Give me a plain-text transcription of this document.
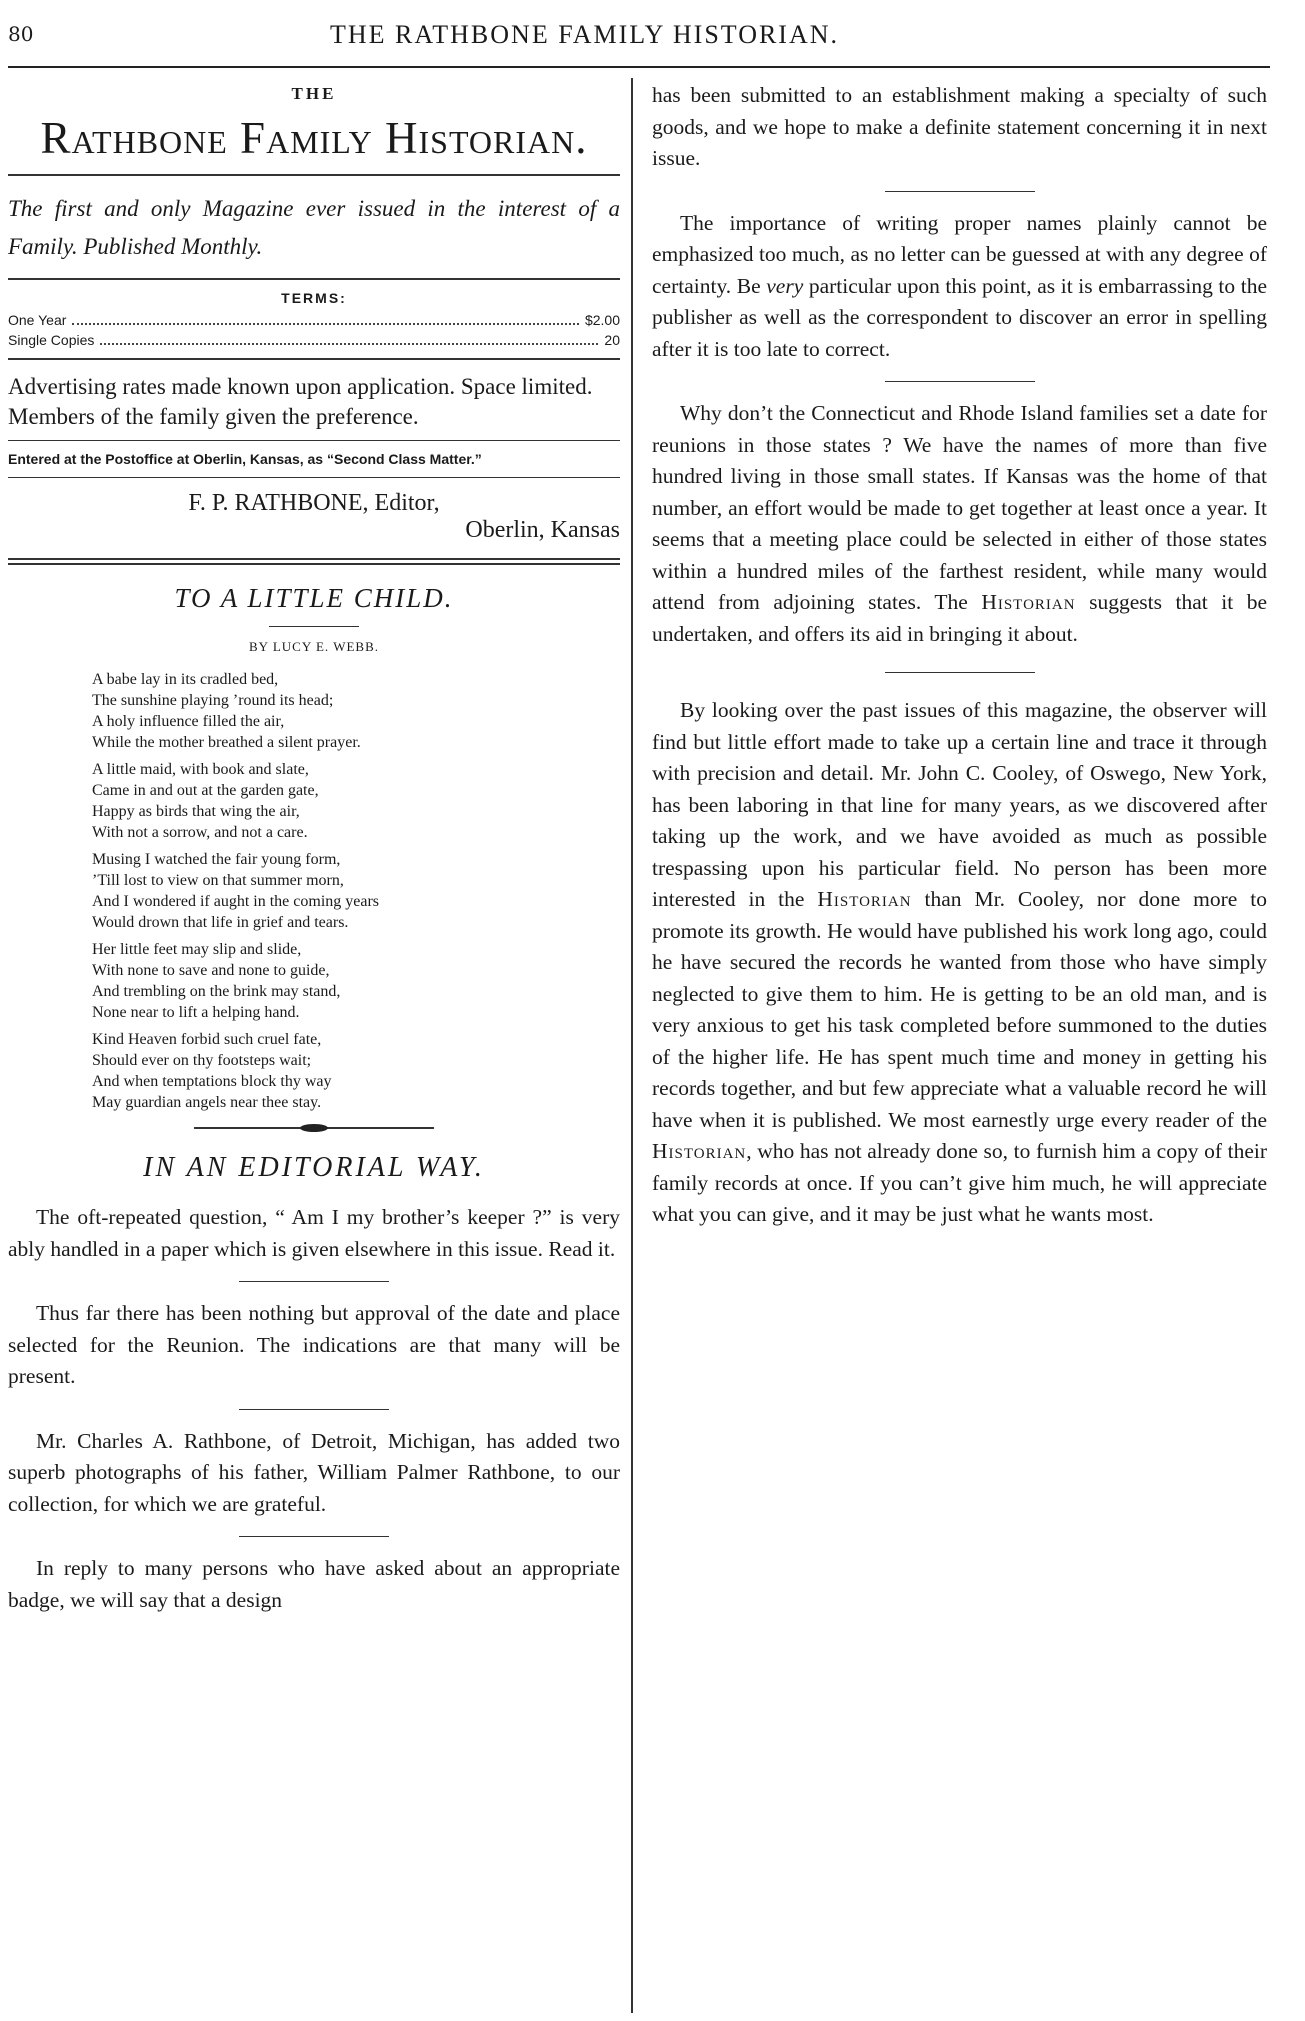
80	THE RATHBONE FAMILY HISTORIAN.
THE
Rathbone Family Historian.
The first and only Magazine ever issued in the interest of a Family. Published Monthly.
TERMS:
One Year	$2.00
Single Copies	20
Advertising rates made known upon application. Space limited. Members of the family given the preference.
Entered at the Postoffice at Oberlin, Kansas, as “Second Class Matter.”
F. P. RATHBONE, Editor,
Oberlin, Kansas
TO A LITTLE CHILD.
BY LUCY E. WEBB.
A babe lay in its cradled bed,
The sunshine playing ’round its head;
A holy influence filled the air,
While the mother breathed a silent prayer.
A little maid, with book and slate,
Came in and out at the garden gate,
Happy as birds that wing the air,
With not a sorrow, and not a care.
Musing I watched the fair young form,
’Till lost to view on that summer morn,
And I wondered if aught in the coming years
Would drown that life in grief and tears.
Her little feet may slip and slide,
With none to save and none to guide,
And trembling on the brink may stand,
None near to lift a helping hand.
Kind Heaven forbid such cruel fate,
Should ever on thy footsteps wait;
And when temptations block thy way
May guardian angels near thee stay.
IN AN EDITORIAL WAY.

The oft-repeated question, “ Am I my brother’s keeper ?” is very ably handled in a paper which is given elsewhere in this issue. Read it.

Thus far there has been nothing but approval of the date and place selected for the Reunion. The indications are that many will be present.

Mr. Charles A. Rathbone, of Detroit, Michigan, has added two superb photographs of his father, William Palmer Rathbone, to our collection, for which we are grateful.

In reply to many persons who have asked about an appropriate badge, we will say that a design

has been submitted to an establishment making a specialty of such goods, and we hope to make a definite statement concerning it in next issue.

The importance of writing proper names plainly cannot be emphasized too much, as no letter can be guessed at with any degree of certainty. Be very particular upon this point, as it is embarrassing to the publisher as well as the correspondent to discover an error in spelling after it is too late to correct.

Why don’t the Connecticut and Rhode Island families set a date for reunions in those states ? We have the names of more than five hundred living in those small states. If Kansas was the home of that number, an effort would be made to get together at least once a year. It seems that a meeting place could be selected in either of those states within a hundred miles of the farthest resident, while many would attend from adjoining states. The Historian suggests that it be undertaken, and offers its aid in bringing it about.

By looking over the past issues of this magazine, the observer will find but little effort made to take up a certain line and trace it through with precision and detail. Mr. John C. Cooley, of Oswego, New York, has been laboring in that line for many years, as we discovered after taking up the work, and we have avoided as much as possible trespassing upon his particular field. No person has been more interested in the Historian than Mr. Cooley, nor done more to promote its growth. He would have published his work long ago, could he have secured the records he wanted from those who have simply neglected to give them to him. He is getting to be an old man, and is very anxious to get his task completed before summoned to the duties of the higher life. He has spent much time and money in getting his records together, and but few appreciate what a valuable record he will have when it is published. We most earnestly urge every reader of the Historian, who has not already done so, to furnish him a copy of their family records at once. If you can’t give him much, he will appreciate what you can give, and it may be just what he wants most.
